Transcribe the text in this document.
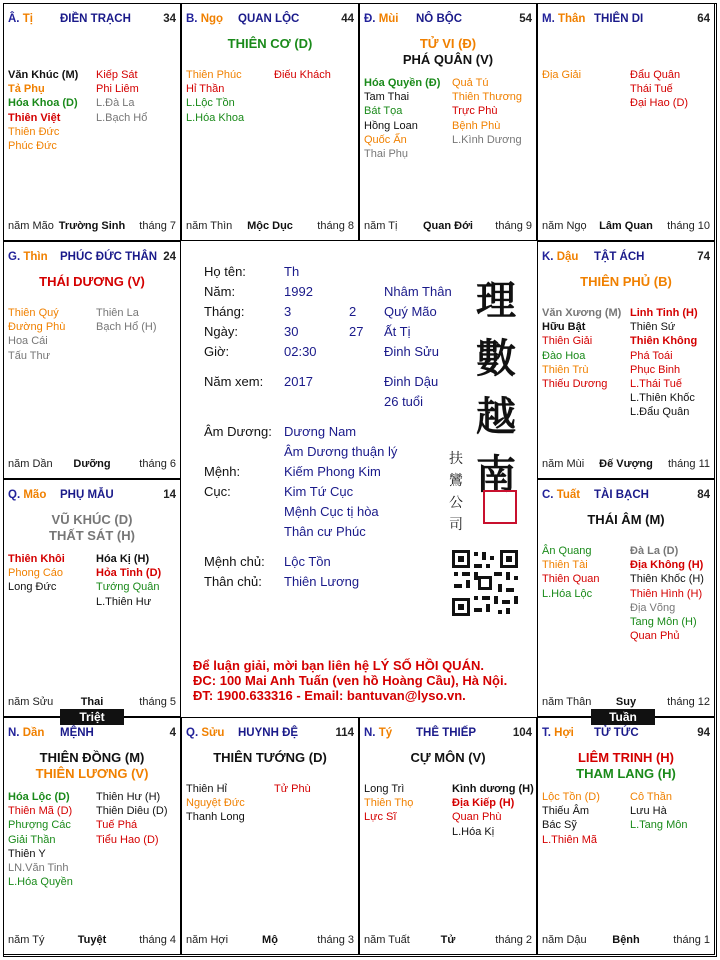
Â. Tị ĐIỀN TRẠCH	34
Văn Khúc (M)
Tả Phụ
Hóa Khoa (D)
Thiên Việt
Thiên Đức
Phúc Đức
Kiếp Sát
Phi Liêm
L.Đà La
L.Bạch Hổ
năm Mão Trường Sinh	tháng 7
B. Ngọ QUAN LỘC	44
THIÊN CƠ (D)
Thiên Phúc
Hỉ Thần
L.Lộc Tồn
L.Hóa Khoa
Điếu Khách
năm Thìn	Mộc Dục	tháng 8
Đ. Mùi NÔ BỘC	54
TỬ VI (Đ)
PHÁ QUÂN (V)
Hóa Quyền (Đ)
Tam Thai
Bát Tọa
Hồng Loan
Quốc Ấn
Thai Phụ
Quả Tú
Thiên Thương
Trực Phù
Bệnh Phù
L.Kình Dương
năm Tị	Quan Đới	tháng 9
M. Thân THIÊN DI	64
Địa Giải	Đẩu Quân
Thái Tuế
Đại Hao (D)
năm Ngọ	Lâm Quan	tháng 10
G. Thìn PHÚC ĐỨC THÂN 24
THÁI DƯƠNG (V)
Thiên Quý
Đường Phù
Hoa Cái
Tấu Thư
Thiên La
Bạch Hổ (H)
năm Dần	Dưỡng	tháng 6
K. Dậu TẬT ÁCH	74
THIÊN PHỦ (B)
Văn Xương (M)
Hữu Bật
Thiên Giải
Đào Hoa
Thiên Trù
Thiếu Dương
Linh Tinh (H)
Thiên Sứ
Thiên Không
Phá Toái
Phục Binh
L.Thái Tuế
L.Thiên Khốc
L.Đẩu Quân
năm Mùi	Đế Vượng	tháng 11
Q. Mão PHỤ MẪU	14
VŨ KHÚC (D)
THẤT SÁT (H)
Thiên Khôi
Phong Cáo
Long Đức
Hóa Kị (H)
Hỏa Tinh (D)
Tướng Quân
L.Thiên Hư
năm Sửu	Thai	tháng 5
C. Tuất TÀI BẠCH	84
THÁI ÂM (M)
Ân Quang
Thiên Tài
Thiên Quan
L.Hóa Lộc
Đà La (D)
Địa Không (H)
Thiên Khốc (H)
Thiên Hình (H)
Địa Võng
Tang Môn (H)
Quan Phủ
năm Thân	Suy	tháng 12
N. Dần MỆNH	4
THIÊN ĐỒNG (M)
THIÊN LƯƠNG (V)
Hóa Lộc (D)
Thiên Mã (D)
Phượng Các
Giải Thần
Thiên Y
LN.Văn Tinh
L.Hóa Quyền
Thiên Hư (H)
Thiên Diêu (D)
Tuế Phá
Tiểu Hao (D)
năm Tý	Tuyệt	tháng 4
Q. Sửu HUYNH ĐỆ	114
THIÊN TƯỚNG (D)
Thiên Hỉ
Nguyệt Đức
Thanh Long
Tử Phù
năm Hợi	Mộ	tháng 3
N. Tý THÊ THIẾP	104
CỰ MÔN (V)
Long Trì
Thiên Thọ
Lực Sĩ
Kình dương (H)
Địa Kiếp (H)
Quan Phù
L.Hóa Kị
năm Tuất	Tử	tháng 2
T. Hợi TỬ TỨC	94
LIÊM TRINH (H)
THAM LANG (H)
Lộc Tồn (D)
Thiếu Âm
Bác Sỹ
L.Thiên Mã
Cô Thần
Lưu Hà
L.Tang Môn
năm Dậu	Bệnh	tháng 1
Họ tên:	Th
Năm:	1992	Nhâm Thân
Tháng:	3	2 Quý Mão
Ngày:	30	27 Ất Tị
Giờ:	02:30	Đinh Sửu
Năm xem: 2017	Đinh Dậu
26 tuổi
Âm Dương: Dương Nam
Âm Dương thuận lý
Mệnh:	Kiếm Phong Kim
Cục:	Kim Tứ Cục
Mệnh Cục tị hòa
Thân cư Phúc
Mệnh chủ: Lộc Tồn
Thân chủ: Thiên Lương
理數越南
扶鸞公司
Để luận giải, mời bạn liên hệ LÝ SỐ HỒI QUÁN.
ĐC: 100 Mai Anh Tuấn (ven hồ Hoàng Cầu), Hà Nội.
ĐT: 1900.633316 - Email: bantuvan@lyso.vn.
Triệt	Tuần
